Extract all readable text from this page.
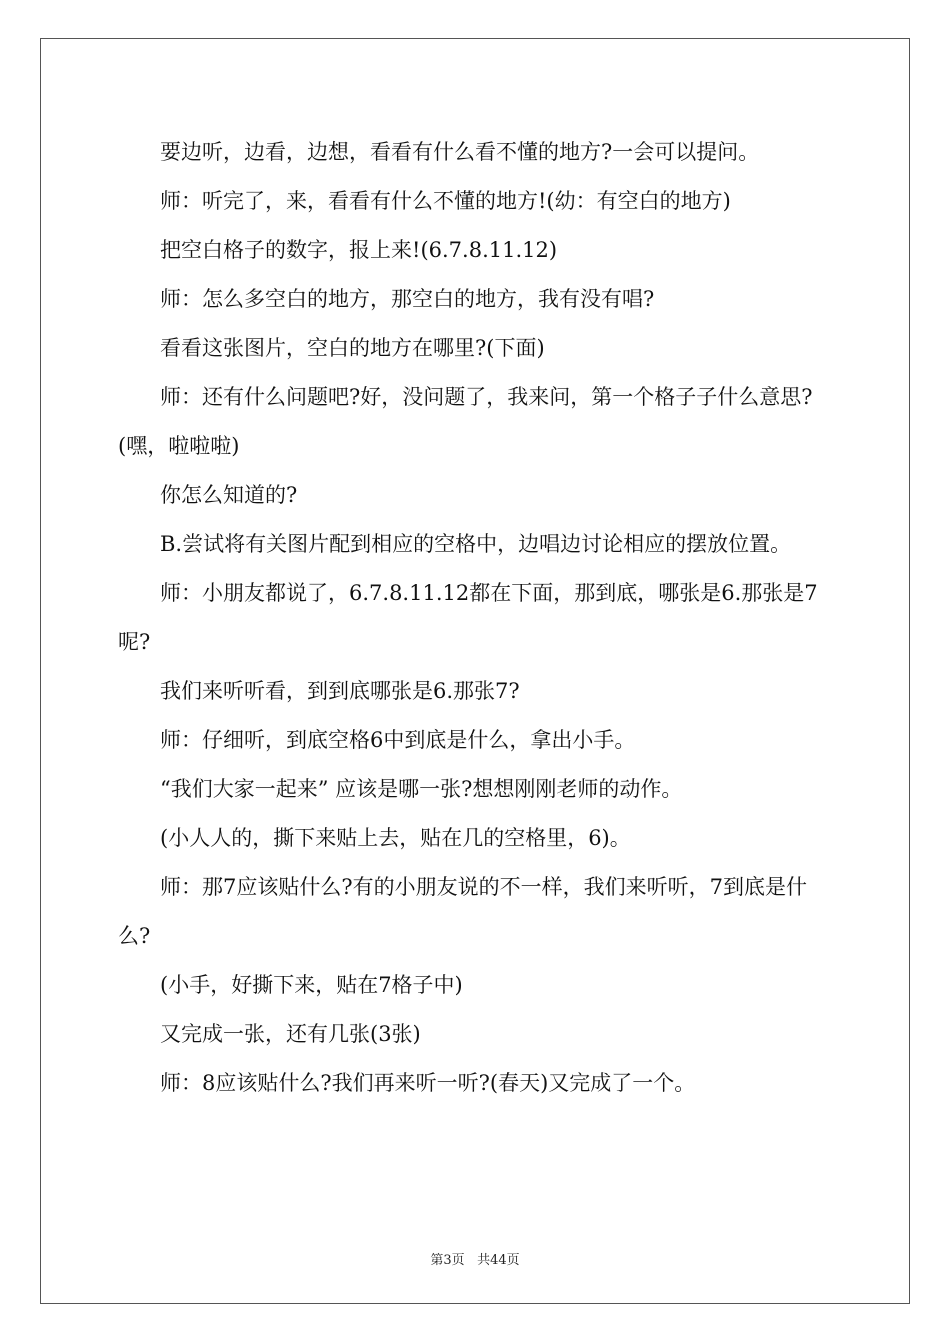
要边听，边看，边想，看看有什么看不懂的地方?一会可以提问。

师：听完了，来，看看有什么不懂的地方!(幼：有空白的地方)

把空白格子的数字，报上来!(6.7.8.11.12)

师：怎么多空白的地方，那空白的地方，我有没有唱?

看看这张图片，空白的地方在哪里?(下面)

师：还有什么问题吧?好，没问题了，我来问，第一个格子子什么意思?(嘿，啦啦啦)

你怎么知道的?

B.尝试将有关图片配到相应的空格中，边唱边讨论相应的摆放位置。

师：小朋友都说了，6.7.8.11.12都在下面，那到底，哪张是6.那张是7呢?

我们来听听看，到到底哪张是6.那张7?

师：仔细听，到底空格6中到底是什么，拿出小手。

“我们大家一起来” 应该是哪一张?想想刚刚老师的动作。

(小人人的，撕下来贴上去，贴在几的空格里，6)。

师：那7应该贴什么?有的小朋友说的不一样，我们来听听，7到底是什么?

(小手，好撕下来，贴在7格子中)

又完成一张，还有几张(3张)

师：8应该贴什么?我们再来听一听?(春天)又完成了一个。

第3页 共44页
